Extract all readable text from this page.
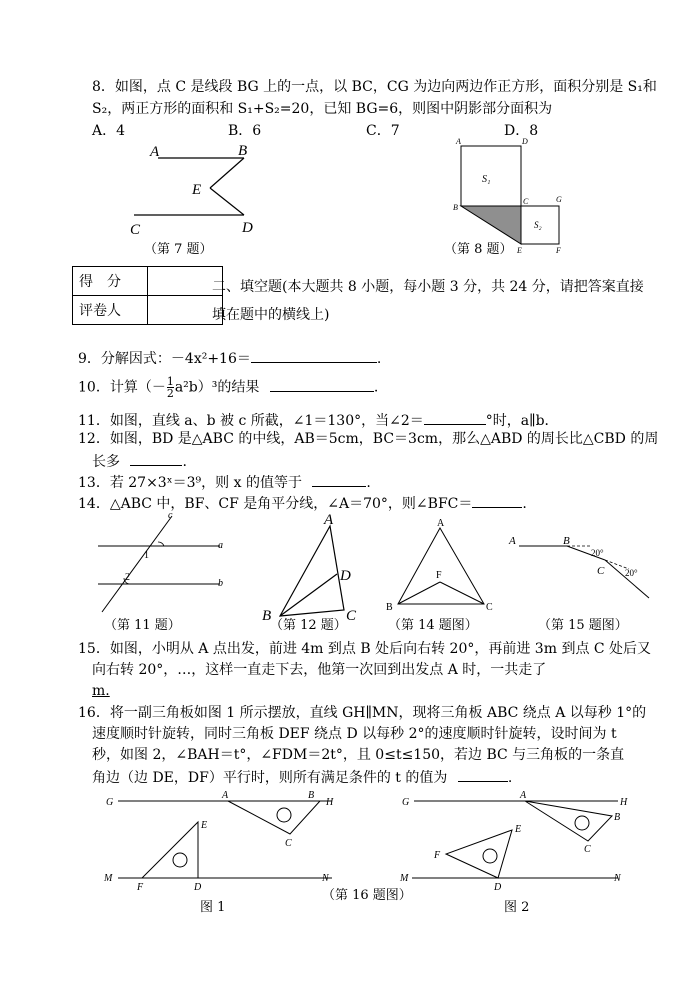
8．如图，点 C 是线段 BG 上的一点，以 BC，CG 为边向两边作正方形，面积分别是 S₁和
S₂，两正方形的面积和 S₁+S₂=20，已知 BG=6，则图中阴影部分面积为
A．4	B．6	C．7	D．8
A	B
E
C	D
（第 7 题）
A	D
S₁
B
C	G
S₂
E	F
（第 8 题）
得　分	
评卷人	
二、填空题(本大题共 8 小题，每小题 3 分，共 24 分，请把答案直接
填在题中的横线上)
9．分解因式：－4x²+16＝	.
10．计算（－ $\frac{1}{2} a^2b)^3$的结果	.
11．如图，直线 a、b 被 c 所截，∠1＝130°，当∠2＝	°时，a∥b．
12．如图，BD 是△ABC 的中线，AB＝5cm，BC＝3cm，那么△ABD 的周长比△CBD 的周
长多	.
13．若 27×3ˣ＝3⁹，则 x 的值等于	.
14．△ABC 中，BF、CF 是角平分线，∠A＝70°，则∠BFC＝	.
c
a
1
2
b
（第 11 题）
A
D
B	C
（第 12 题）
A
F
B	C
（第 14 题图）
A	B
20°
C 20°
（第 15 题图）
15．如图，小明从 A 点出发，前进 4m 到点 B 处后向右转 20°，再前进 3m 到点 C 处后又
向右转 20°，…，这样一直走下去，他第一次回到出发点 A 时，一共走了
m.
16．将一副三角板如图 1 所示摆放，直线 GH∥MN，现将三角板 ABC 绕点 A 以每秒 1°的
速度顺时针旋转，同时三角板 DEF 绕点 D 以每秒 2°的速度顺时针旋转，设时间为 t
秒，如图 2，∠BAH＝t°，∠FDM＝2t°，且 0≤t≤150，若边 BC 与三角板的一条直
角边（边 DE，DF）平行时，则所有满足条件的 t 的值为	.
G
A	B
H
C
E
M
F	D
N
G
A
H
B
C
E
F
M
D
N
图 1
（第 16 题图）
图 2
